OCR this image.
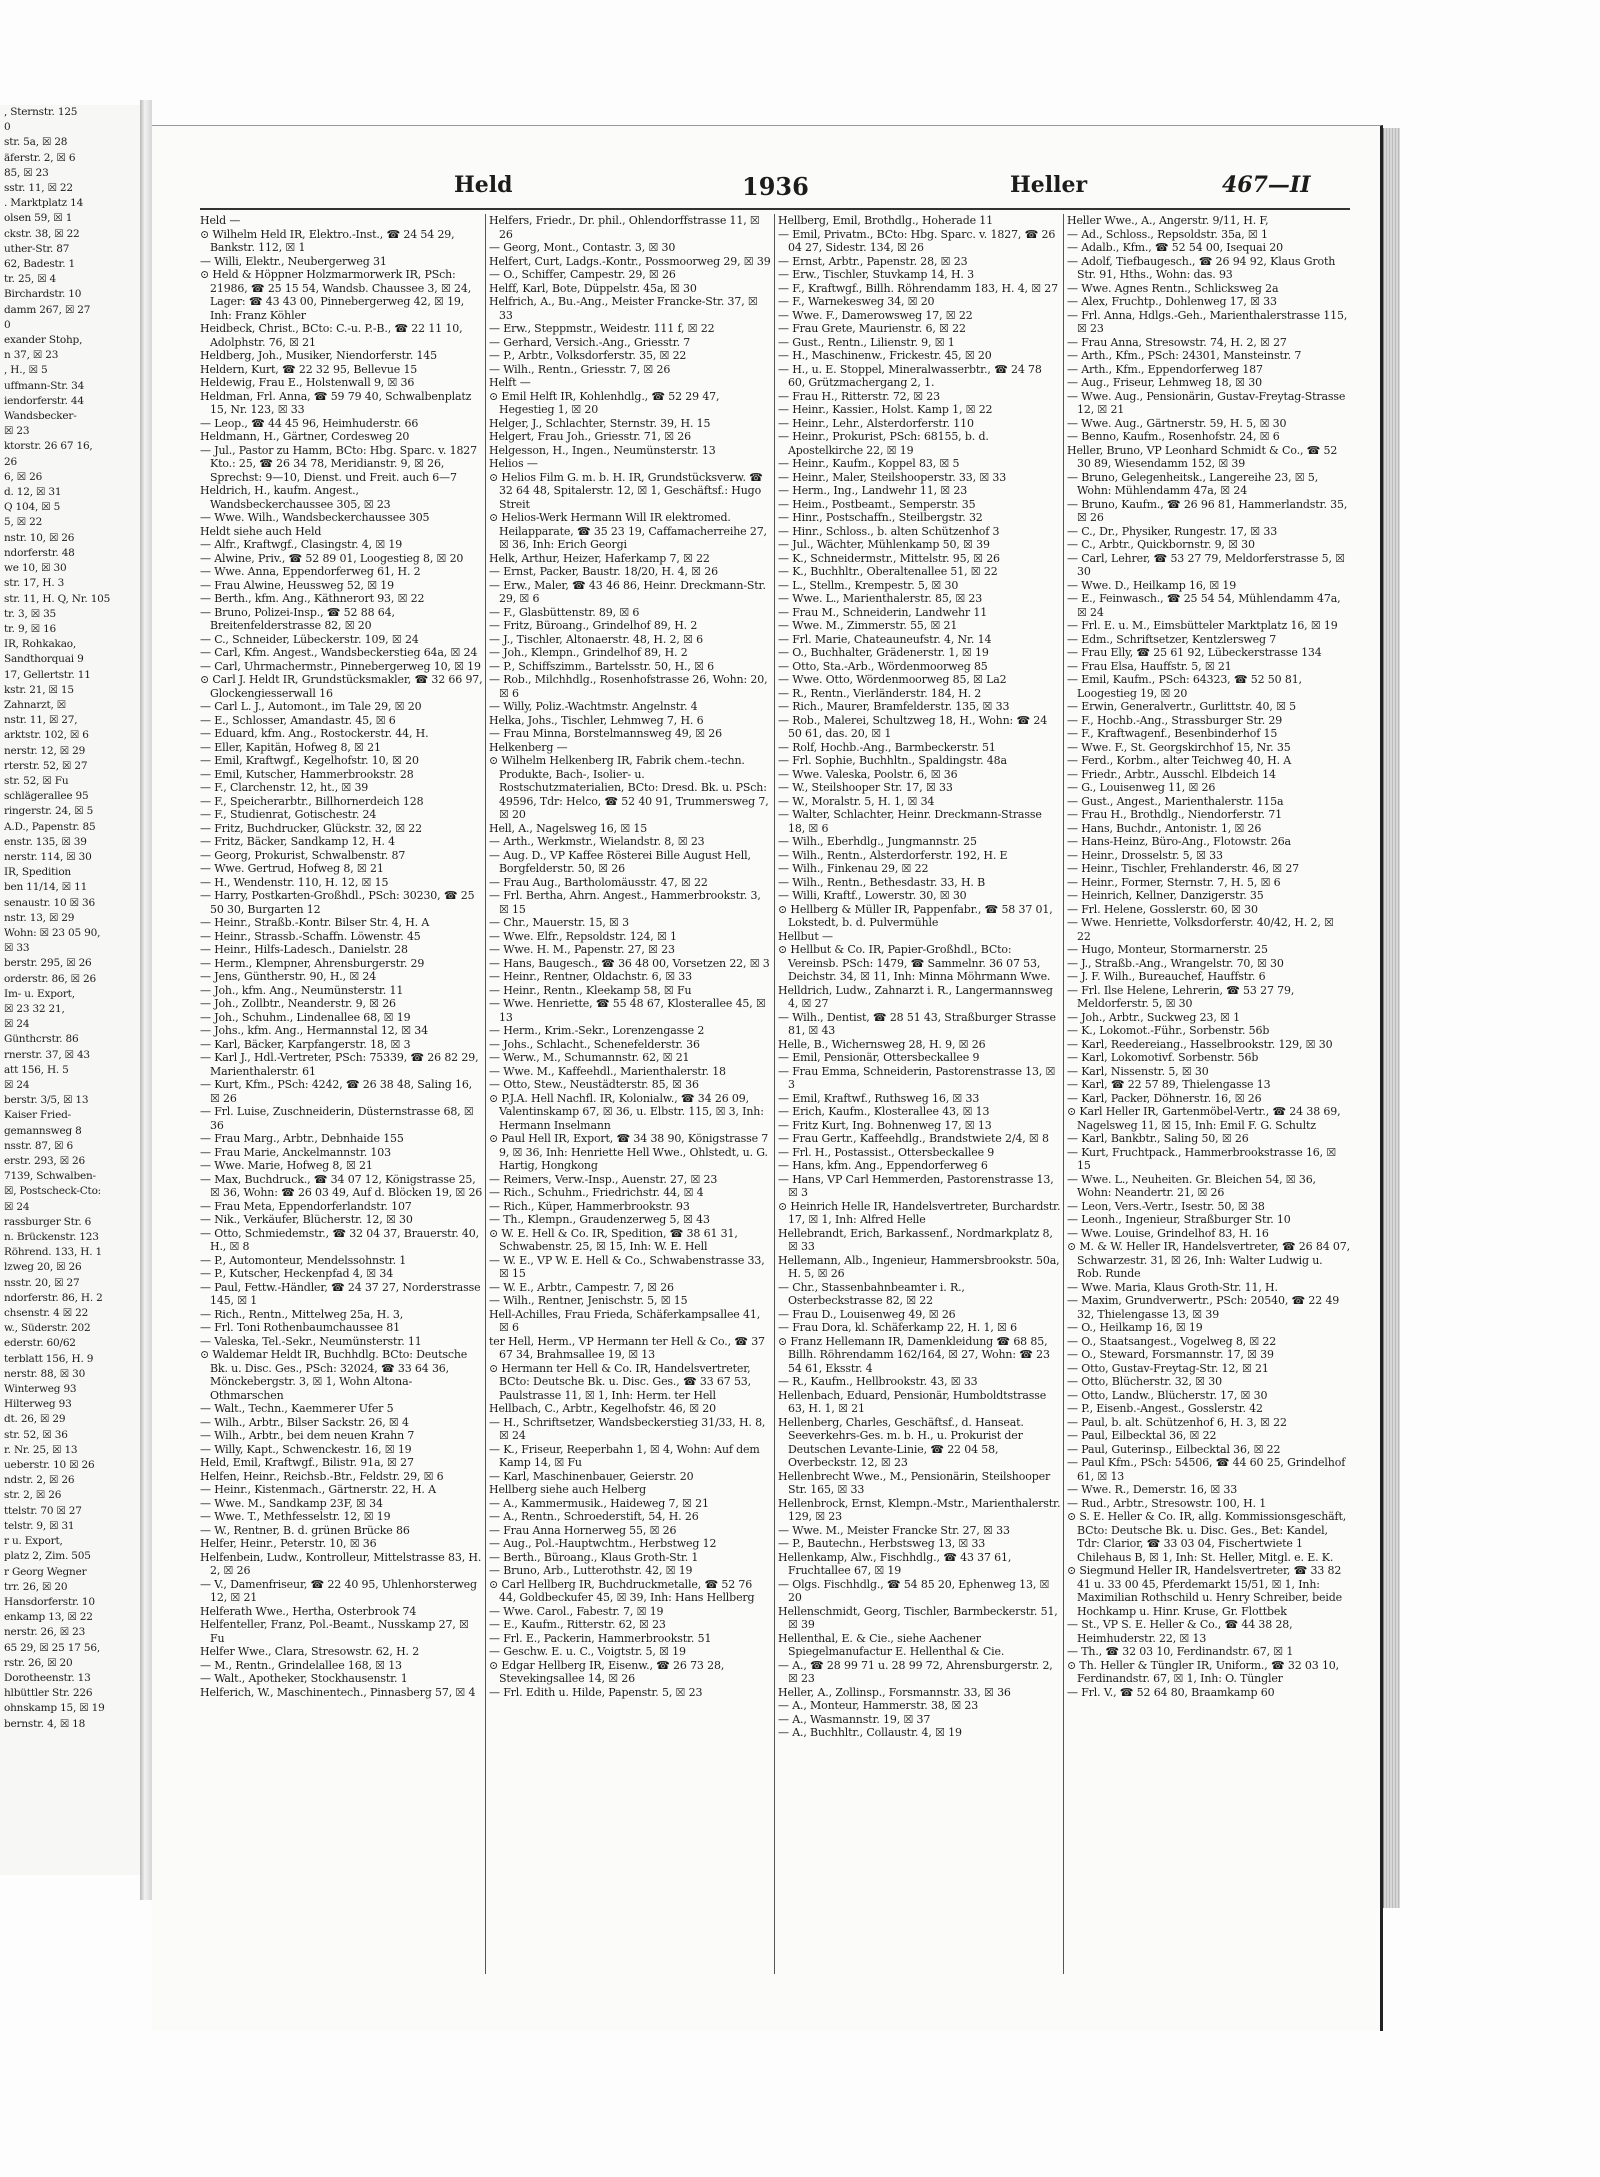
, Sternstr. 125
0
str. 5a, ☒ 28
äferstr. 2, ☒ 6
85, ☒ 23
sstr. 11, ☒ 22
. Marktplatz 14
olsen 59, ☒ 1
ckstr. 38, ☒ 22
uther-Str. 87
62, Badestr. 1
tr. 25, ☒ 4
Birchardstr. 10
damm 267, ☒ 27
0
exander Stohp,
n 37, ☒ 23
, H., ☒ 5
uffmann-Str. 34
iendorferstr. 44
Wandsbecker-
☒ 23
ktorstr. 26 67 16,
26
6, ☒ 26
d. 12, ☒ 31
Q 104, ☒ 5
5, ☒ 22
nstr. 10, ☒ 26
ndorferstr. 48
we 10, ☒ 30
str. 17, H. 3
str. 11, H. Q, Nr. 105
tr. 3, ☒ 35
tr. 9, ☒ 16
IR, Rohkakao,
Sandthorquai 9
17, Gellertstr. 11
kstr. 21, ☒ 15
Zahnarzt, ☒
nstr. 11, ☒ 27,
arktstr. 102, ☒ 6
nerstr. 12, ☒ 29
rterstr. 52, ☒ 27
str. 52, ☒ Fu
schlägerallee 95
ringerstr. 24, ☒ 5
A.D., Papenstr. 85
enstr. 135, ☒ 39
nerstr. 114, ☒ 30
IR, Spedition
ben 11/14, ☒ 11
senaustr. 10 ☒ 36
nstr. 13, ☒ 29
Wohn: ☒ 23 05 90,
☒ 33
berstr. 295, ☒ 26
orderstr. 86, ☒ 26
Im- u. Export,
☒ 23 32 21,
☒ 24
Günthcrstr. 86
rnerstr. 37, ☒ 43
att 156, H. 5
☒ 24
berstr. 3/5, ☒ 13
Kaiser Fried-
gemannsweg 8
nsstr. 87, ☒ 6
erstr. 293, ☒ 26
7139, Schwalben-
☒, Postscheck-Cto:
☒ 24
rassburger Str. 6
n. Brückenstr. 123
Röhrend. 133, H. 1
lzweg 20, ☒ 26
nsstr. 20, ☒ 27
ndorferstr. 86, H. 2
chsenstr. 4 ☒ 22
w., Süderstr. 202
ederstr. 60/62
terblatt 156, H. 9
nerstr. 88, ☒ 30
Winterweg 93
Hilterweg 93
dt. 26, ☒ 29
str. 52, ☒ 36
r. Nr. 25, ☒ 13
ueberstr. 10 ☒ 26
ndstr. 2, ☒ 26
str. 2, ☒ 26
ttelstr. 70 ☒ 27
telstr. 9, ☒ 31
r u. Export,
platz 2, Zim. 505
r Georg Wegner
trr. 26, ☒ 20
Hansdorferstr. 10
enkamp 13, ☒ 22
nerstr. 26, ☒ 23
65 29, ☒ 25 17 56,
rstr. 26, ☒ 20
Dorotheenstr. 13
hlbüttler Str. 226
ohnskamp 15, ☒ 19
bernstr. 4, ☒ 18
Held	1936	Heller	467—II
Held —
⊙ Wilhelm Held IR, Elektro.-Inst., ☎ 24 54 29, Bankstr. 112, ☒ 1
— Willi, Elektr., Neubergerweg 31
⊙ Held & Höppner Holzmarmorwerk IR, PSch: 21986, ☎ 25 15 54, Wandsb. Chaussee 3, ☒ 24, Lager: ☎ 43 43 00, Pinnebergerweg 42, ☒ 19, Inh: Franz Köhler
Heidbeck, Christ., BCto: C.-u. P.-B., ☎ 22 11 10, Adolphstr. 76, ☒ 21
Heldberg, Joh., Musiker, Niendorferstr. 145
Heldern, Kurt, ☎ 22 32 95, Bellevue 15
Heldewig, Frau E., Holstenwall 9, ☒ 36
Heldman, Frl. Anna, ☎ 59 79 40, Schwalbenplatz 15, Nr. 123, ☒ 33
— Leop., ☎ 44 45 96, Heimhuderstr. 66
Heldmann, H., Gärtner, Cordesweg 20
— Jul., Pastor zu Hamm, BCto: Hbg. Sparc. v. 1827 Kto.: 25, ☎ 26 34 78, Meridianstr. 9, ☒ 26, Sprechst: 9—10, Dienst. und Freit. auch 6—7
Heldrich, H., kaufm. Angest., Wandsbeckerchaussee 305, ☒ 23
— Wwe. Wilh., Wandsbeckerchaussee 305
Heldt siehe auch Held
— Alfr., Kraftwgf., Clasingstr. 4, ☒ 19
— Alwine, Priv., ☎ 52 89 01, Loogestieg 8, ☒ 20
— Wwe. Anna, Eppendorferweg 61, H. 2
— Frau Alwine, Heussweg 52, ☒ 19
— Berth., kfm. Ang., Käthnerort 93, ☒ 22
— Bruno, Polizei-Insp., ☎ 52 88 64, Breitenfelderstrasse 82, ☒ 20
— C., Schneider, Lübeckerstr. 109, ☒ 24
— Carl, Kfm. Angest., Wandsbeckerstieg 64a, ☒ 24
— Carl, Uhrmachermstr., Pinnebergerweg 10, ☒ 19
⊙ Carl J. Heldt IR, Grundstücksmakler, ☎ 32 66 97, Glockengiesserwall 16
— Carl L. J., Automont., im Tale 29, ☒ 20
— E., Schlosser, Amandastr. 45, ☒ 6
— Eduard, kfm. Ang., Rostockerstr. 44, H.
— Eller, Kapitän, Hofweg 8, ☒ 21
— Emil, Kraftwgf., Kegelhofstr. 10, ☒ 20
— Emil, Kutscher, Hammerbrookstr. 28
— F., Clarchenstr. 12, ht., ☒ 39
— F., Speicherarbtr., Billhornerdeich 128
— F., Studienrat, Gotischestr. 24
— Fritz, Buchdrucker, Glückstr. 32, ☒ 22
— Fritz, Bäcker, Sandkamp 12, H. 4
— Georg, Prokurist, Schwalbenstr. 87
— Wwe. Gertrud, Hofweg 8, ☒ 21
— H., Wendenstr. 110, H. 12, ☒ 15
— Harry, Postkarten-Großhdl., PSch: 30230, ☎ 25 50 30, Burgarten 12
— Heinr., Straßb.-Kontr. Bilser Str. 4, H. A
— Heinr., Strassb.-Schaffn. Löwenstr. 45
— Heinr., Hilfs-Ladesch., Danielstr. 28
— Herm., Klempner, Ahrensburgerstr. 29
— Jens, Güntherstr. 90, H., ☒ 24
— Joh., kfm. Ang., Neumünsterstr. 11
— Joh., Zollbtr., Neanderstr. 9, ☒ 26
— Joh., Schuhm., Lindenallee 68, ☒ 19
— Johs., kfm. Ang., Hermannstal 12, ☒ 34
— Karl, Bäcker, Karpfangerstr. 18, ☒ 3
— Karl J., Hdl.-Vertreter, PSch: 75339, ☎ 26 82 29, Marienthalerstr. 61
— Kurt, Kfm., PSch: 4242, ☎ 26 38 48, Saling 16, ☒ 26
— Frl. Luise, Zuschneiderin, Düsternstrasse 68, ☒ 36
— Frau Marg., Arbtr., Debnhaide 155
— Frau Marie, Anckelmannstr. 103
— Wwe. Marie, Hofweg 8, ☒ 21
— Max, Buchdruck., ☎ 34 07 12, Königstrasse 25, ☒ 36, Wohn: ☎ 26 03 49, Auf d. Blöcken 19, ☒ 26
— Frau Meta, Eppendorferlandstr. 107
— Nik., Verkäufer, Blücherstr. 12, ☒ 30
— Otto, Schmiedemstr., ☎ 32 04 37, Brauerstr. 40, H., ☒ 8
— P., Automonteur, Mendelssohnstr. 1
— P., Kutscher, Heckenpfad 4, ☒ 34
— Paul, Fettw.-Händler, ☎ 24 37 27, Norderstrasse 145, ☒ 1
— Rich., Rentn., Mittelweg 25a, H. 3,
— Frl. Toni Rothenbaumchaussee 81
— Valeska, Tel.-Sekr., Neumünsterstr. 11
⊙ Waldemar Heldt IR, Buchhdlg. BCto: Deutsche Bk. u. Disc. Ges., PSch: 32024, ☎ 33 64 36, Mönckebergstr. 3, ☒ 1, Wohn Altona-Othmarschen
— Walt., Techn., Kaemmerer Ufer 5
— Wilh., Arbtr., Bilser Sackstr. 26, ☒ 4
— Wilh., Arbtr., bei dem neuen Krahn 7
— Willy, Kapt., Schwenckestr. 16, ☒ 19
Held, Emil, Kraftwgf., Bilistr. 91a, ☒ 27
Helfen, Heinr., Reichsb.-Btr., Feldstr. 29, ☒ 6
— Heinr., Kistenmach., Gärtnerstr. 22, H. A
— Wwe. M., Sandkamp 23F, ☒ 34
— Wwe. T., Methfesselstr. 12, ☒ 19
— W., Rentner, B. d. grünen Brücke 86
Helfer, Heinr., Peterstr. 10, ☒ 36
Helfenbein, Ludw., Kontrolleur, Mittelstrasse 83, H. 2, ☒ 26
— V., Damenfriseur, ☎ 22 40 95, Uhlenhorsterweg 12, ☒ 21
Helferath Wwe., Hertha, Osterbrook 74
Helfenteller, Franz, Pol.-Beamt., Nusskamp 27, ☒ Fu
Helfer Wwe., Clara, Stresowstr. 62, H. 2
— M., Rentn., Grindelallee 168, ☒ 13
— Walt., Apotheker, Stockhausenstr. 1
Helferich, W., Maschinentech., Pinnasberg 57, ☒ 4
Helfers, Friedr., Dr. phil., Ohlendorffstrasse 11, ☒ 26
— Georg, Mont., Contastr. 3, ☒ 30
Helfert, Curt, Ladgs.-Kontr., Possmoorweg 29, ☒ 39
— O., Schiffer, Campestr. 29, ☒ 26
Helff, Karl, Bote, Düppelstr. 45a, ☒ 30
Helfrich, A., Bu.-Ang., Meister Francke-Str. 37, ☒ 33
— Erw., Steppmstr., Weidestr. 111 f, ☒ 22
— Gerhard, Versich.-Ang., Griesstr. 7
— P., Arbtr., Volksdorferstr. 35, ☒ 22
— Wilh., Rentn., Griesstr. 7, ☒ 26
Helft —
⊙ Emil Helft IR, Kohlenhdlg., ☎ 52 29 47, Hegestieg 1, ☒ 20
Helger, J., Schlachter, Sternstr. 39, H. 15
Helgert, Frau Joh., Griesstr. 71, ☒ 26
Helgesson, H., Ingen., Neumünsterstr. 13
Helios —
⊙ Helios Film G. m. b. H. IR, Grundstücksverw. ☎ 32 64 48, Spitalerstr. 12, ☒ 1, Geschäftsf.: Hugo Streit
⊙ Helios-Werk Hermann Will IR elektromed. Heilapparate, ☎ 35 23 19, Caffamacherreihe 27, ☒ 36, Inh: Erich Georgi
Helk, Arthur, Heizer, Haferkamp 7, ☒ 22
— Ernst, Packer, Baustr. 18/20, H. 4, ☒ 26
— Erw., Maler, ☎ 43 46 86, Heinr. Dreckmann-Str. 29, ☒ 6
— F., Glasbüttenstr. 89, ☒ 6
— Fritz, Büroang., Grindelhof 89, H. 2
— J., Tischler, Altonaerstr. 48, H. 2, ☒ 6
— Joh., Klempn., Grindelhof 89, H. 2
— P., Schiffszimm., Bartelsstr. 50, H., ☒ 6
— Rob., Milchhdlg., Rosenhofstrasse 26, Wohn: 20, ☒ 6
— Willy, Poliz.-Wachtmstr. Angelnstr. 4
Helka, Johs., Tischler, Lehmweg 7, H. 6
— Frau Minna, Borstelmannsweg 49, ☒ 26
Helkenberg —
⊙ Wilhelm Helkenberg IR, Fabrik chem.-techn. Produkte, Bach-, Isolier- u. Rostschutzmaterialien, BCto: Dresd. Bk. u. PSch: 49596, Tdr: Helco, ☎ 52 40 91, Trummersweg 7, ☒ 20
Hell, A., Nagelsweg 16, ☒ 15
— Arth., Werkmstr., Wielandstr. 8, ☒ 23
— Aug. D., VP Kaffee Rösterei Bille August Hell, Borgfelderstr. 50, ☒ 26
— Frau Aug., Bartholomäusstr. 47, ☒ 22
— Frl. Bertha, Ahrn. Angest., Hammerbrookstr. 3, ☒ 15
— Chr., Mauerstr. 15, ☒ 3
— Wwe. Elfr., Repsoldstr. 124, ☒ 1
— Wwe. H. M., Papenstr. 27, ☒ 23
— Hans, Baugesch., ☎ 36 48 00, Vorsetzen 22, ☒ 3
— Heinr., Rentner, Oldachstr. 6, ☒ 33
— Heinr., Rentn., Kleekamp 58, ☒ Fu
— Wwe. Henriette, ☎ 55 48 67, Klosterallee 45, ☒ 13
— Herm., Krim.-Sekr., Lorenzengasse 2
— Johs., Schlacht., Schenefelderstr. 36
— Werw., M., Schumannstr. 62, ☒ 21
— Wwe. M., Kaffeehdl., Marienthalerstr. 18
— Otto, Stew., Neustädterstr. 85, ☒ 36
⊙ P.J.A. Hell Nachfl. IR, Kolonialw., ☎ 34 26 09, Valentinskamp 67, ☒ 36, u. Elbstr. 115, ☒ 3, Inh: Hermann Inselmann
⊙ Paul Hell IR, Export, ☎ 34 38 90, Königstrasse 7 9, ☒ 36, Inh: Henriette Hell Wwe., Ohlstedt, u. G. Hartig, Hongkong
— Reimers, Verw.-Insp., Auenstr. 27, ☒ 23
— Rich., Schuhm., Friedrichstr. 44, ☒ 4
— Rich., Küper, Hammerbrookstr. 93
— Th., Klempn., Graudenzerweg 5, ☒ 43
⊙ W. E. Hell & Co. IR, Spedition, ☎ 38 61 31, Schwabenstr. 25, ☒ 15, Inh: W. E. Hell
— W. E., VP W. E. Hell & Co., Schwabenstrasse 33, ☒ 15
— W. E., Arbtr., Campestr. 7, ☒ 26
— Wilh., Rentner, Jenischstr. 5, ☒ 15
Hell-Achilles, Frau Frieda, Schäferkampsallee 41, ☒ 6
ter Hell, Herm., VP Hermann ter Hell & Co., ☎ 37 67 34, Brahmsallee 19, ☒ 13
⊙ Hermann ter Hell & Co. IR, Handelsvertreter, BCto: Deutsche Bk. u. Disc. Ges., ☎ 33 67 53, Paulstrasse 11, ☒ 1, Inh: Herm. ter Hell
Hellbach, C., Arbtr., Kegelhofstr. 46, ☒ 20
— H., Schriftsetzer, Wandsbeckerstieg 31/33, H. 8, ☒ 24
— K., Friseur, Reeperbahn 1, ☒ 4, Wohn: Auf dem Kamp 14, ☒ Fu
— Karl, Maschinenbauer, Geierstr. 20
Hellberg siehe auch Helberg
— A., Kammermusik., Haideweg 7, ☒ 21
— A., Rentn., Schroederstift, 54, H. 26
— Frau Anna Hornerweg 55, ☒ 26
— Aug., Pol.-Hauptwchtm., Herbstweg 12
— Berth., Büroang., Klaus Groth-Str. 1
— Bruno, Arb., Lutterothstr. 42, ☒ 19
⊙ Carl Hellberg IR, Buchdruckmetalle, ☎ 52 76 44, Goldbeckufer 45, ☒ 39, Inh: Hans Hellberg
— Wwe. Carol., Fabestr. 7, ☒ 19
— E., Kaufm., Ritterstr. 62, ☒ 23
— Frl. E., Packerin, Hammerbrookstr. 51
— Geschw. E. u. C., Voigtstr. 5, ☒ 19
⊙ Edgar Hellberg IR, Eisenw., ☎ 26 73 28, Stevekingsallee 14, ☒ 26
— Frl. Edith u. Hilde, Papenstr. 5, ☒ 23
Hellberg, Emil, Brothdlg., Hoherade 11
— Emil, Privatm., BCto: Hbg. Sparc. v. 1827, ☎ 26 04 27, Sidestr. 134, ☒ 26
— Ernst, Arbtr., Papenstr. 28, ☒ 23
— Erw., Tischler, Stuvkamp 14, H. 3
— F., Kraftwgf., Billh. Röhrendamm 183, H. 4, ☒ 27
— F., Warnekesweg 34, ☒ 20
— Wwe. F., Damerowsweg 17, ☒ 22
— Frau Grete, Maurienstr. 6, ☒ 22
— Gust., Rentn., Lilienstr. 9, ☒ 1
— H., Maschinenw., Frickestr. 45, ☒ 20
— H., u. E. Stoppel, Mineralwasserbtr., ☎ 24 78 60, Grützmachergang 2, 1.
— Frau H., Ritterstr. 72, ☒ 23
— Heinr., Kassier., Holst. Kamp 1, ☒ 22
— Heinr., Lehr., Alsterdorferstr. 110
— Heinr., Prokurist, PSch: 68155, b. d. Apostelkirche 22, ☒ 19
— Heinr., Kaufm., Koppel 83, ☒ 5
— Heinr., Maler, Steilshooperstr. 33, ☒ 33
— Herm., Ing., Landwehr 11, ☒ 23
— Heim., Postbeamt., Semperstr. 35
— Hinr., Postschaffn., Steilbergstr. 32
— Hinr., Schloss., b. alten Schützenhof 3
— Jul., Wächter, Mühlenkamp 50, ☒ 39
— K., Schneidermstr., Mittelstr. 95, ☒ 26
— K., Buchhltr., Oberaltenallee 51, ☒ 22
— L., Stellm., Krempestr. 5, ☒ 30
— Wwe. L., Marienthalerstr. 85, ☒ 23
— Frau M., Schneiderin, Landwehr 11
— Wwe. M., Zimmerstr. 55, ☒ 21
— Frl. Marie, Chateauneufstr. 4, Nr. 14
— O., Buchhalter, Grädenerstr. 1, ☒ 19
— Otto, Sta.-Arb., Wördenmoorweg 85
— Wwe. Otto, Wördenmoorweg 85, ☒ La2
— R., Rentn., Vierländerstr. 184, H. 2
— Rich., Maurer, Bramfelderstr. 135, ☒ 33
— Rob., Malerei, Schultzweg 18, H., Wohn: ☎ 24 50 61, das. 20, ☒ 1
— Rolf, Hochb.-Ang., Barmbeckerstr. 51
— Frl. Sophie, Buchhltn., Spaldingstr. 48a
— Wwe. Valeska, Poolstr. 6, ☒ 36
— W., Steilshooper Str. 17, ☒ 33
— W., Moralstr. 5, H. 1, ☒ 34
— Walter, Schlachter, Heinr. Dreckmann-Strasse 18, ☒ 6
— Wilh., Eberhdlg., Jungmannstr. 25
— Wilh., Rentn., Alsterdorferstr. 192, H. E
— Wilh., Finkenau 29, ☒ 22
— Wilh., Rentn., Bethesdastr. 33, H. B
— Willi, Kraftf., Lowerstr. 30, ☒ 30
⊙ Hellberg & Müller IR, Pappenfabr., ☎ 58 37 01, Lokstedt, b. d. Pulvermühle
Hellbut —
⊙ Hellbut & Co. IR, Papier-Großhdl., BCto: Vereinsb. PSch: 1479, ☎ Sammelnr. 36 07 53, Deichstr. 34, ☒ 11, Inh: Minna Möhrmann Wwe.
Helldrich, Ludw., Zahnarzt i. R., Langermannsweg 4, ☒ 27
— Wilh., Dentist, ☎ 28 51 43, Straßburger Strasse 81, ☒ 43
Helle, B., Wichernsweg 28, H. 9, ☒ 26
— Emil, Pensionär, Ottersbeckallee 9
— Frau Emma, Schneiderin, Pastorenstrasse 13, ☒ 3
— Emil, Kraftwf., Ruthsweg 16, ☒ 33
— Erich, Kaufm., Klosterallee 43, ☒ 13
— Fritz Kurt, Ing. Bohnenweg 17, ☒ 13
— Frau Gertr., Kaffeehdlg., Brandstwiete 2/4, ☒ 8
— Frl. H., Postassist., Ottersbeckallee 9
— Hans, kfm. Ang., Eppendorferweg 6
— Hans, VP Carl Hemmerden, Pastorenstrasse 13, ☒ 3
⊙ Heinrich Helle IR, Handelsvertreter, Burchardstr. 17, ☒ 1, Inh: Alfred Helle
Hellebrandt, Erich, Barkassenf., Nordmarkplatz 8, ☒ 33
Hellemann, Alb., Ingenieur, Hammersbrookstr. 50a, H. 5, ☒ 26
— Chr., Stassenbahnbeamter i. R., Osterbeckstrasse 82, ☒ 22
— Frau D., Louisenweg 49, ☒ 26
— Frau Dora, kl. Schäferkamp 22, H. 1, ☒ 6
⊙ Franz Hellemann IR, Damenkleidung ☎ 68 85, Billh. Röhrendamm 162/164, ☒ 27, Wohn: ☎ 23 54 61, Eksstr. 4
— R., Kaufm., Hellbrookstr. 43, ☒ 33
Hellenbach, Eduard, Pensionär, Humboldtstrasse 63, H. 1, ☒ 21
Hellenberg, Charles, Geschäftsf., d. Hanseat. Seeverkehrs-Ges. m. b. H., u. Prokurist der Deutschen Levante-Linie, ☎ 22 04 58, Overbeckstr. 12, ☒ 23
Hellenbrecht Wwe., M., Pensionärin, Steilshooper Str. 165, ☒ 33
Hellenbrock, Ernst, Klempn.-Mstr., Marienthalerstr. 129, ☒ 23
— Wwe. M., Meister Francke Str. 27, ☒ 33
— P., Bautechn., Herbstsweg 13, ☒ 33
Hellenkamp, Alw., Fischhdlg., ☎ 43 37 61, Fruchtallee 67, ☒ 19
— Olgs. Fischhdlg., ☎ 54 85 20, Ephenweg 13, ☒ 20
Hellenschmidt, Georg, Tischler, Barmbeckerstr. 51, ☒ 39
Hellenthal, E. & Cie., siehe Aachener Spiegelmanufactur E. Hellenthal & Cie.
— A., ☎ 28 99 71 u. 28 99 72, Ahrensburgerstr. 2, ☒ 23
Heller, A., Zollinsp., Forsmannstr. 33, ☒ 36
— A., Monteur, Hammerstr. 38, ☒ 23
— A., Wasmannstr. 19, ☒ 37
— A., Buchhltr., Collaustr. 4, ☒ 19
Heller Wwe., A., Angerstr. 9/11, H. F,
— Ad., Schloss., Repsoldstr. 35a, ☒ 1
— Adalb., Kfm., ☎ 52 54 00, Isequai 20
— Adolf, Tiefbaugesch., ☎ 26 94 92, Klaus Groth Str. 91, Hths., Wohn: das. 93
— Wwe. Agnes Rentn., Schlicksweg 2a
— Alex, Fruchtp., Dohlenweg 17, ☒ 33
— Frl. Anna, Hdlgs.-Geh., Marienthalerstrasse 115, ☒ 23
— Frau Anna, Stresowstr. 74, H. 2, ☒ 27
— Arth., Kfm., PSch: 24301, Mansteinstr. 7
— Arth., Kfm., Eppendorferweg 187
— Aug., Friseur, Lehmweg 18, ☒ 30
— Wwe. Aug., Pensionärin, Gustav-Freytag-Strasse 12, ☒ 21
— Wwe. Aug., Gärtnerstr. 59, H. 5, ☒ 30
— Benno, Kaufm., Rosenhofstr. 24, ☒ 6
Heller, Bruno, VP Leonhard Schmidt & Co., ☎ 52 30 89, Wiesendamm 152, ☒ 39
— Bruno, Gelegenheitsk., Langereihe 23, ☒ 5, Wohn: Mühlendamm 47a, ☒ 24
— Bruno, Kaufm., ☎ 26 96 81, Hammerlandstr. 35, ☒ 26
— C., Dr., Physiker, Rungestr. 17, ☒ 33
— C., Arbtr., Quickbornstr. 9, ☒ 30
— Carl, Lehrer, ☎ 53 27 79, Meldorferstrasse 5, ☒ 30
— Wwe. D., Heilkamp 16, ☒ 19
— E., Feinwasch., ☎ 25 54 54, Mühlendamm 47a, ☒ 24
— Frl. E. u. M., Eimsbütteler Marktplatz 16, ☒ 19
— Edm., Schriftsetzer, Kentzlersweg 7
— Frau Elly, ☎ 25 61 92, Lübeckerstrasse 134
— Frau Elsa, Hauffstr. 5, ☒ 21
— Emil, Kaufm., PSch: 64323, ☎ 52 50 81, Loogestieg 19, ☒ 20
— Erwin, Generalvertr., Gurlittstr. 40, ☒ 5
— F., Hochb.-Ang., Strassburger Str. 29
— F., Kraftwagenf., Besenbinderhof 15
— Wwe. F., St. Georgskirchhof 15, Nr. 35
— Ferd., Korbm., alter Teichweg 40, H. A
— Friedr., Arbtr., Ausschl. Elbdeich 14
— G., Louisenweg 11, ☒ 26
— Gust., Angest., Marienthalerstr. 115a
— Frau H., Brothdlg., Niendorferstr. 71
— Hans, Buchdr., Antonistr. 1, ☒ 26
— Hans-Heinz, Büro-Ang., Flotowstr. 26a
— Heinr., Drosselstr. 5, ☒ 33
— Heinr., Tischler, Frehlanderstr. 46, ☒ 27
— Heinr., Former, Sternstr. 7, H. 5, ☒ 6
— Heinrich, Kellner, Danzigerstr. 35
— Frl. Helene, Gosslerstr. 60, ☒ 30
— Wwe. Henriette, Volksdorferstr. 40/42, H. 2, ☒ 22
— Hugo, Monteur, Stormarnerstr. 25
— J., Straßb.-Ang., Wrangelstr. 70, ☒ 30
— J. F. Wilh., Bureauchef, Hauffstr. 6
— Frl. Ilse Helene, Lehrerin, ☎ 53 27 79, Meldorferstr. 5, ☒ 30
— Joh., Arbtr., Suckweg 23, ☒ 1
— K., Lokomot.-Führ., Sorbenstr. 56b
— Karl, Reedereiang., Hasselbrookstr. 129, ☒ 30
— Karl, Lokomotivf. Sorbenstr. 56b
— Karl, Nissenstr. 5, ☒ 30
— Karl, ☎ 22 57 89, Thielengasse 13
— Karl, Packer, Döhnerstr. 16, ☒ 26
⊙ Karl Heller IR, Gartenmöbel-Vertr., ☎ 24 38 69, Nagelsweg 11, ☒ 15, Inh: Emil F. G. Schultz
— Karl, Bankbtr., Saling 50, ☒ 26
— Kurt, Fruchtpack., Hammerbrookstrasse 16, ☒ 15
— Wwe. L., Neuheiten. Gr. Bleichen 54, ☒ 36, Wohn: Neandertr. 21, ☒ 26
— Leon, Vers.-Vertr., Isestr. 50, ☒ 38
— Leonh., Ingenieur, Straßburger Str. 10
— Wwe. Louise, Grindelhof 83, H. 16
⊙ M. & W. Heller IR, Handelsvertreter, ☎ 26 84 07, Schwarzestr. 31, ☒ 26, Inh: Walter Ludwig u. Rob. Runde
— Wwe. Maria, Klaus Groth-Str. 11, H.
— Maxim, Grundverwertr., PSch: 20540, ☎ 22 49 32, Thielengasse 13, ☒ 39
— O., Heilkamp 16, ☒ 19
— O., Staatsangest., Vogelweg 8, ☒ 22
— O., Steward, Forsmannstr. 17, ☒ 39
— Otto, Gustav-Freytag-Str. 12, ☒ 21
— Otto, Blücherstr. 32, ☒ 30
— Otto, Landw., Blücherstr. 17, ☒ 30
— P., Eisenb.-Angest., Gosslerstr. 42
— Paul, b. alt. Schützenhof 6, H. 3, ☒ 22
— Paul, Eilbecktal 36, ☒ 22
— Paul, Guterinsp., Eilbecktal 36, ☒ 22
— Paul Kfm., PSch: 54506, ☎ 44 60 25, Grindelhof 61, ☒ 13
— Wwe. R., Demerstr. 16, ☒ 33
— Rud., Arbtr., Stresowstr. 100, H. 1
⊙ S. E. Heller & Co. IR, allg. Kommissionsgeschäft, BCto: Deutsche Bk. u. Disc. Ges., Bet: Kandel, Tdr: Clarior, ☎ 33 03 04, Fischertwiete 1 Chilehaus B, ☒ 1, Inh: St. Heller, Mitgl. e. E. K.
⊙ Siegmund Heller IR, Handelsvertreter, ☎ 33 82 41 u. 33 00 45, Pferdemarkt 15/51, ☒ 1, Inh: Maximilian Rothschild u. Henry Schreiber, beide Hochkamp u. Hinr. Kruse, Gr. Flottbek
— St., VP S. E. Heller & Co., ☎ 44 38 28, Heimhuderstr. 22, ☒ 13
— Th., ☎ 32 03 10, Ferdinandstr. 67, ☒ 1
⊙ Th. Heller & Tüngler IR, Uniform., ☎ 32 03 10, Ferdinandstr. 67, ☒ 1, Inh: O. Tüngler
— Frl. V., ☎ 52 64 80, Braamkamp 60
